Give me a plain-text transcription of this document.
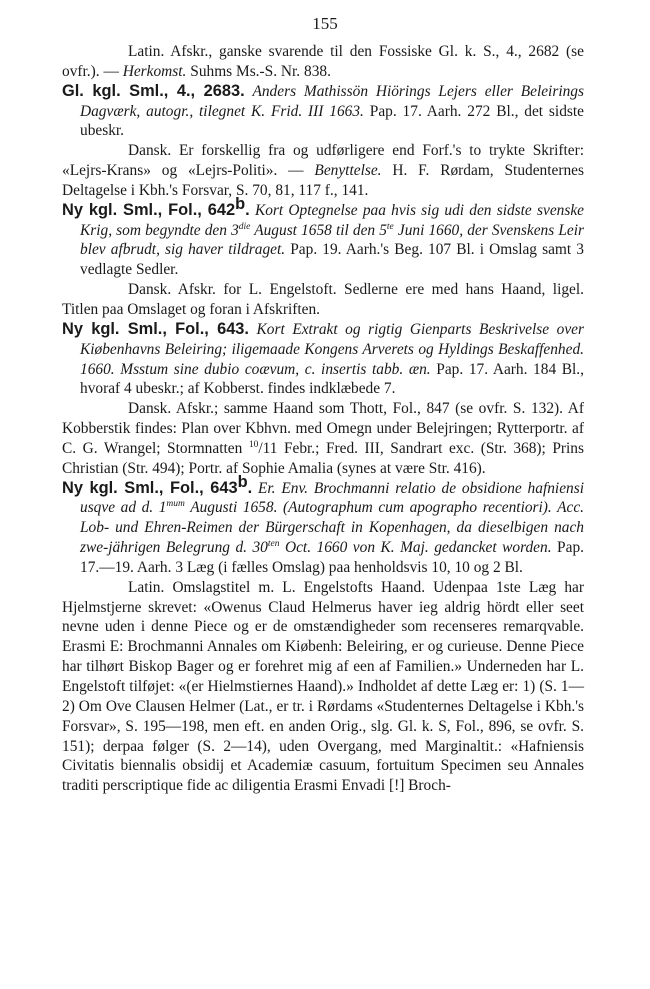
155

Latin. Afskr., ganske svarende til den Fossiske Gl. k. S., 4., 2682 (se ovfr.). — Herkomst. Suhms Ms.-S. Nr. 838.

Gl. kgl. Sml., 4., 2683. Anders Mathissön Hiörings Lejers eller Beleirings Dagværk, autogr., tilegnet K. Frid. III 1663. Pap. 17. Aarh. 272 Bl., det sidste ubeskr.

Dansk. Er forskellig fra og udførligere end Forf.'s to trykte Skrifter: «Lejrs-Krans» og «Lejrs-Politi». — Benyttelse. H. F. Rørdam, Studenternes Deltagelse i Kbh.'s Forsvar, S. 70, 81, 117 f., 141.

Ny kgl. Sml., Fol., 642$^b$. Kort Optegnelse paa hvis sig udi den sidste svenske Krig, som begyndte den $3^{die}$ August 1658 til den $5^{te}$ Juni 1660, der Svenskens Leir blev afbrudt, sig haver tildraget. Pap. 19. Aarh.'s Beg. 107 Bl. i Omslag samt 3 vedlagte Sedler.

Dansk. Afskr. for L. Engelstoft. Sedlerne ere med hans Haand, ligel. Titlen paa Omslaget og foran i Afskriften.

Ny kgl. Sml., Fol., 643. Kort Extrakt og rigtig Gienparts Beskrivelse over Kiøbenhavns Beleiring; iligemaade Kongens Arverets og Hyldings Beskaffenhed. 1660. Msstum sine dubio coævum, c. insertis tabb. æn. Pap. 17. Aarh. 184 Bl., hvoraf 4 ubeskr.; af Kobberst. findes indklæbede 7.

Dansk. Afskr.; samme Haand som Thott, Fol., 847 (se ovfr. S. 132). Af Kobberstik findes: Plan over Kbhvn. med Omegn under Belejringen; Rytterportr. af C. G. Wrangel; Stormnatten $^{10}$/11 Febr.; Fred. III, Sandrart exc. (Str. 368); Prins Christian (Str. 494); Portr. af Sophie Amalia (synes at være Str. 416).

Ny kgl. Sml., Fol., 643$^b$. Er. Env. Brochmanni relatio de obsidione hafniensi usqve ad d. $1^{mum}$ Augusti 1658. (Autographum cum apographo recentiori). Acc. Lob- und Ehren-Reimen der Bürgerschaft in Kopenhagen, da dieselbigen nach zwe-jährigen Belegrung d. $30^{ten}$ Oct. 1660 von K. Maj. gedancket worden. Pap. 17.—19. Aarh. 3 Læg (i fælles Omslag) paa henholdsvis 10, 10 og 2 Bl.

Latin. Omslagstitel m. L. Engelstofts Haand. Udenpaa 1ste Læg har Hjelmstjerne skrevet: «Owenus Claud Helmerus haver ieg aldrig hördt eller seet nevne uden i denne Piece og er de omstændigheder som recenseres remarqvable. Erasmi E: Brochmanni Annales om Kiøbenh: Beleiring, er og curieuse. Denne Piece har tilhørt Biskop Bager og er forehret mig af een af Familien.» Underneden har L. Engelstoft tilføjet: «(er Hielmstiernes Haand).» Indholdet af dette Læg er: 1) (S. 1—2) Om Ove Clausen Helmer (Lat., er tr. i Rørdams «Studenternes Deltagelse i Kbh.'s Forsvar», S. 195—198, men eft. en anden Orig., slg. Gl. k. S, Fol., 896, se ovfr. S. 151); derpaa følger (S. 2—14), uden Overgang, med Marginaltit.: «Hafniensis Civitatis biennalis obsidij et Academiæ casuum, fortuitum Specimen seu Annales traditi perscriptique fide ac diligentia Erasmi Envadi [!] Broch-
